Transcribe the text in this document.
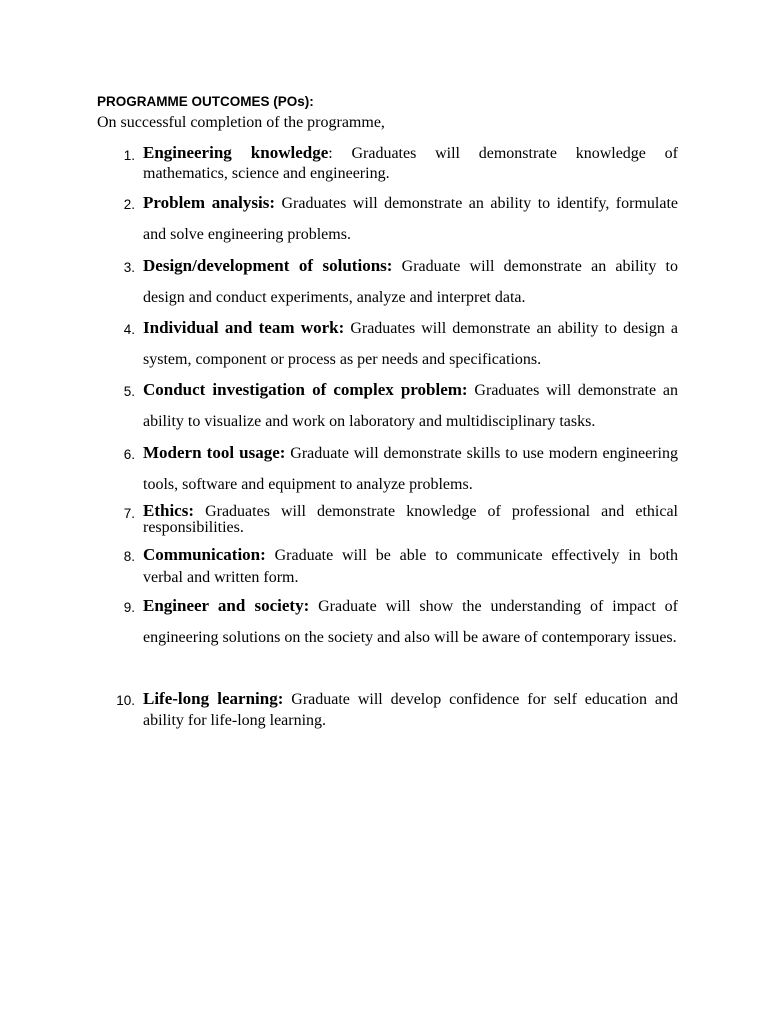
PROGRAMME OUTCOMES (POs):
On successful completion of the programme,
1. Engineering knowledge: Graduates will demonstrate knowledge of mathematics, science and engineering.
2. Problem analysis: Graduates will demonstrate an ability to identify, formulate and solve engineering problems.
3. Design/development of solutions: Graduate will demonstrate an ability to design and conduct experiments, analyze and interpret data.
4. Individual and team work: Graduates will demonstrate an ability to design a system, component or process as per needs and specifications.
5. Conduct investigation of complex problem: Graduates will demonstrate an ability to visualize and work on laboratory and multidisciplinary tasks.
6. Modern tool usage: Graduate will demonstrate skills to use modern engineering tools, software and equipment to analyze problems.
7. Ethics: Graduates will demonstrate knowledge of professional and ethical responsibilities.
8. Communication: Graduate will be able to communicate effectively in both verbal and written form.
9. Engineer and society: Graduate will show the understanding of impact of engineering solutions on the society and also will be aware of contemporary issues.
10. Life-long learning: Graduate will develop confidence for self education and ability for life-long learning.
